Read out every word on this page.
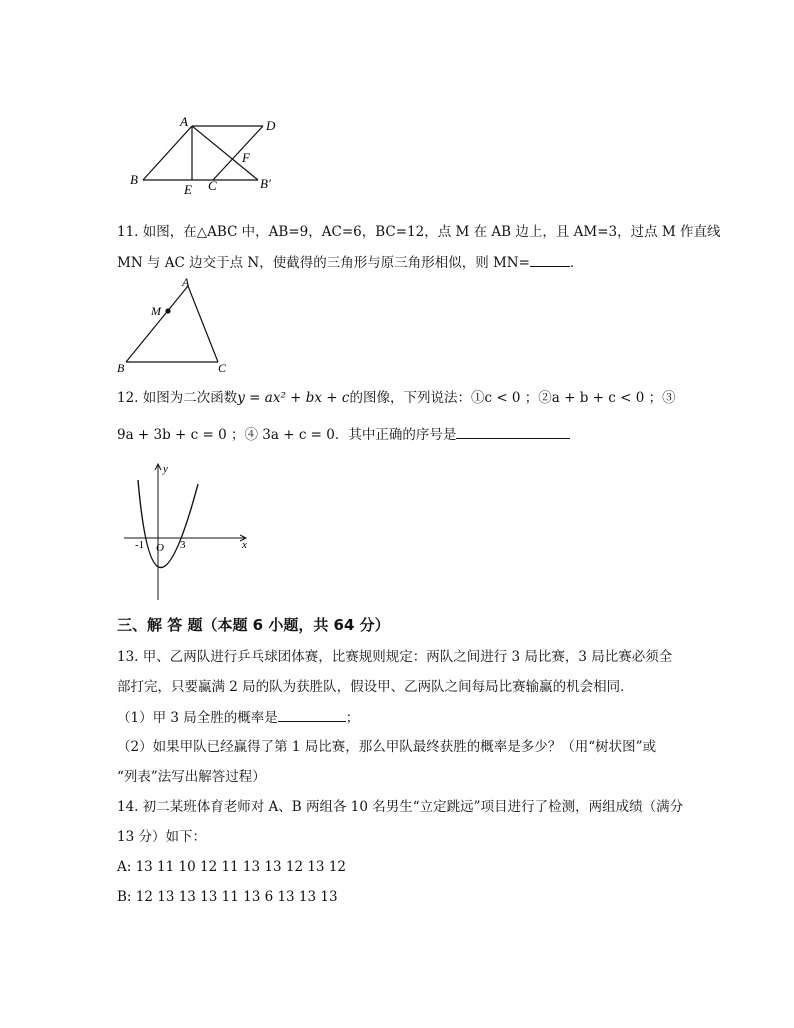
A	D
F
B
E C	B′
11. 如图，在△ABC 中，AB=9，AC=6，BC=12，点 M 在 AB 边上，且 AM=3，过点 M 作直线
MN 与 AC 边交于点 N，使截得的三角形与原三角形相似，则 MN=	．
A
M
B	C
12. 如图为二次函数y = ax² + bx + c的图像，下列说法：①c < 0 ；②a + b + c < 0 ；③
9a + 3b + c = 0 ；④ 3a + c = 0．其中正确的序号是
y
x
O
-1	3
三、解 答 题（本题 6 小题，共 64 分）
13. 甲、乙两队进行乒乓球团体赛，比赛规则规定：两队之间进行 3 局比赛，3 局比赛必须全
部打完，只要赢满 2 局的队为获胜队，假设甲、乙两队之间每局比赛输赢的机会相同．
（1）甲 3 局全胜的概率是	；
（2）如果甲队已经赢得了第 1 局比赛，那么甲队最终获胜的概率是多少？（用“树状图”或
“列表”法写出解答过程）
14. 初二某班体育老师对 A、B 两组各 10 名男生“立定跳远”项目进行了检测，两组成绩（满分
13 分）如下：
A: 13 11 10 12 11 13 13 12 13 12
B: 12 13 13 13 11 13 6 13 13 13
